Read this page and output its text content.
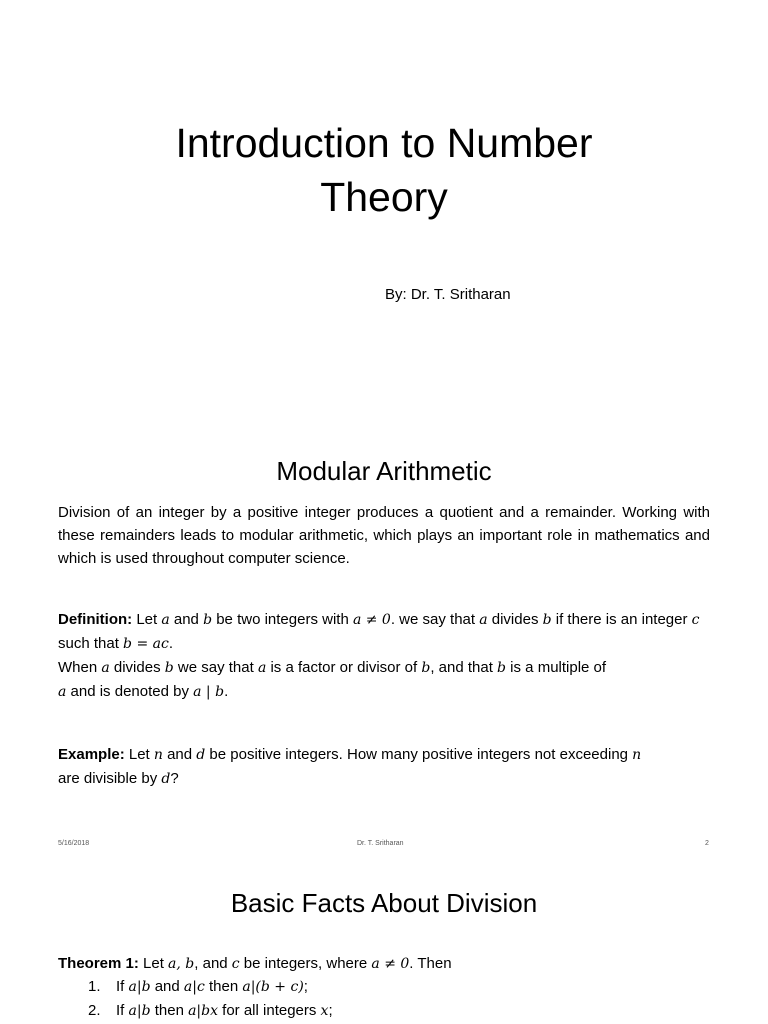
Introduction to Number
Theory
By: Dr. T. Sritharan
Modular Arithmetic

Division of an integer by a positive integer produces a quotient and a remainder. Working with these remainders leads to modular arithmetic, which plays an important role in mathematics and which is used throughout computer science.

Definition: Let a and b be two integers with a ≠ 0. we say that a divides b if there is an integer c such that b = ac.
When a divides b we say that a is a factor or divisor of b, and that b is a multiple of
a and is denoted by a | b.

Example: Let n and d be positive integers. How many positive integers not exceeding n are divisible by d?

5/16/2018	Dr. T. Sritharan	2
Basic Facts About Division

Theorem 1: Let a, b, and c be integers, where a ≠ 0. Then

1. If a|b and a|c then a|(b + c);
2. If a|b then a|bx for all integers x;
